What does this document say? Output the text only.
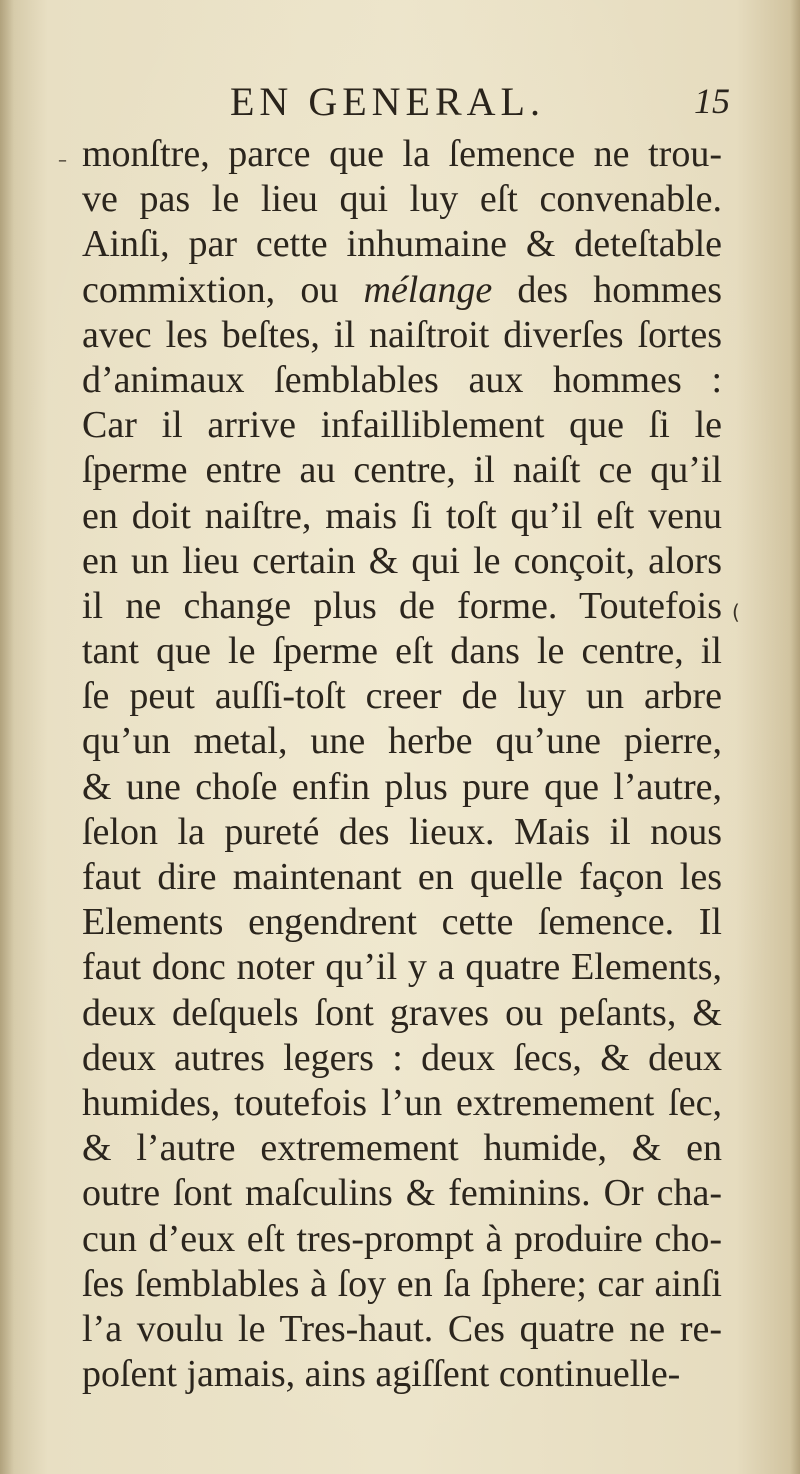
EN GENERAL.	15
monſtre, parce que la ſemence ne trou-
ve pas le lieu qui luy eſt convenable.
Ainſi, par cette inhumaine & deteſtable
commixtion, ou mélange des hommes
avec les beſtes, il naiſtroit diverſes ſortes
d’animaux ſemblables aux hommes :
Car il arrive infailliblement que ſi le
ſperme entre au centre, il naiſt ce qu’il
en doit naiſtre, mais ſi toſt qu’il eſt venu
en un lieu certain & qui le conçoit, alors
il ne change plus de forme. Toutefois
tant que le ſperme eſt dans le centre, il
ſe peut auſſi-toſt creer de luy un arbre
qu’un metal, une herbe qu’une pierre,
& une choſe enfin plus pure que l’autre,
ſelon la pureté des lieux. Mais il nous
faut dire maintenant en quelle façon les
Elements engendrent cette ſemence. Il
faut donc noter qu’il y a quatre Elements,
deux deſquels ſont graves ou peſants, &
deux autres legers : deux ſecs, & deux
humides, toutefois l’un extremement ſec,
& l’autre extremement humide, & en
outre ſont maſculins & feminins. Or cha-
cun d’eux eſt tres-prompt à produire cho-
ſes ſemblables à ſoy en ſa ſphere; car ainſi
l’a voulu le Tres-haut. Ces quatre ne re-
poſent jamais, ains agiſſent continuelle-
–
(
